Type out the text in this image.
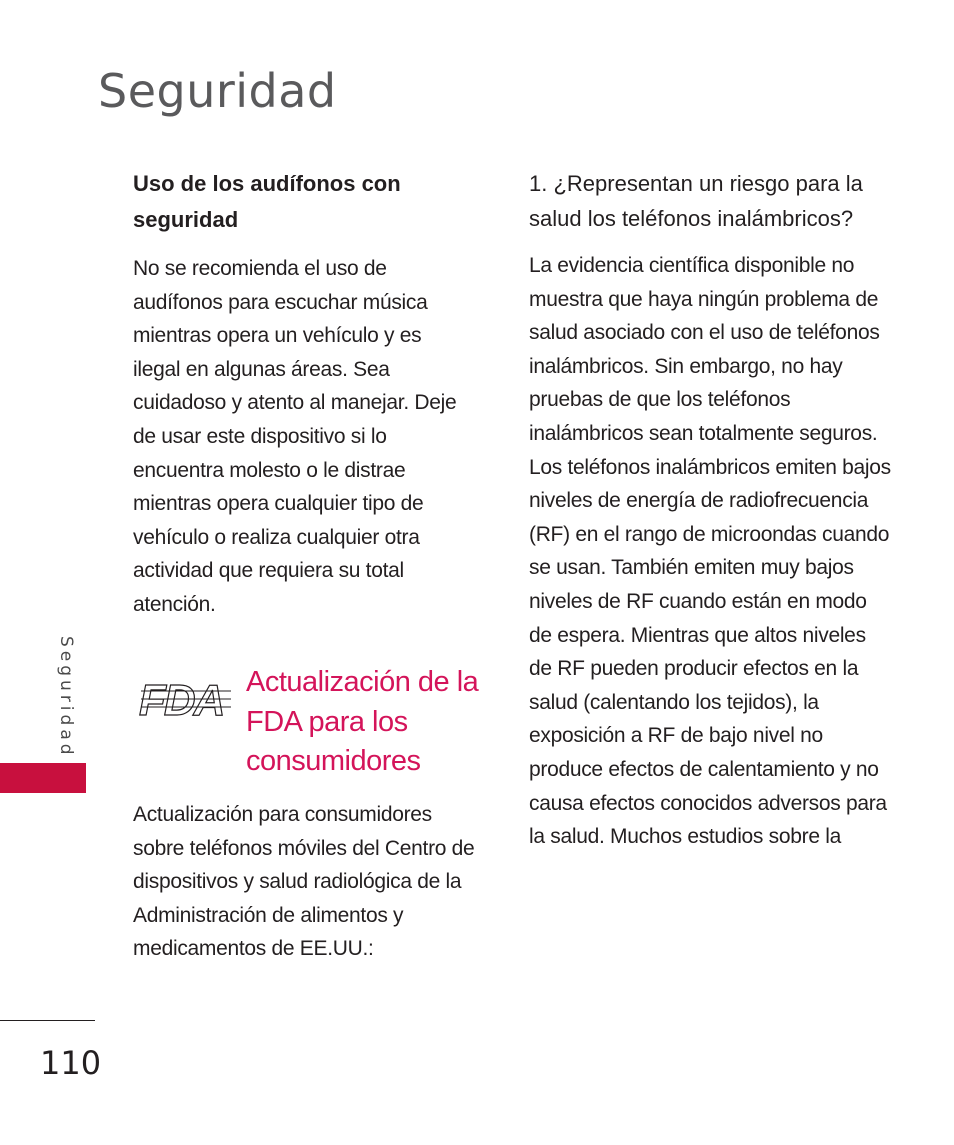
Seguridad
Uso de los audífonos con seguridad

No se recomienda el uso de audífonos para escuchar música mientras opera un vehículo y es ilegal en algunas áreas. Sea cuidadoso y atento al manejar. Deje de usar este dispositivo si lo encuentra molesto o le distrae mientras opera cualquier tipo de vehículo o realiza cualquier otra actividad que requiera su total atención.

FDA Actualización de la FDA para los consumidores

Actualización para consumidores sobre teléfonos móviles del Centro de dispositivos y salud radiológica de la Administración de alimentos y medicamentos de EE.UU.:

1. ¿Representan un riesgo para la salud los teléfonos inalámbricos?

La evidencia científica disponible no muestra que haya ningún problema de salud asociado con el uso de teléfonos inalámbricos. Sin embargo, no hay pruebas de que los teléfonos inalámbricos sean totalmente seguros. Los teléfonos inalámbricos emiten bajos niveles de energía de radiofrecuencia (RF) en el rango de microondas cuando se usan. También emiten muy bajos niveles de RF cuando están en modo de espera. Mientras que altos niveles de RF pueden producir efectos en la salud (calentando los tejidos), la exposición a RF de bajo nivel no produce efectos de calentamiento y no causa efectos conocidos adversos para la salud. Muchos estudios sobre la

Seguridad
110
